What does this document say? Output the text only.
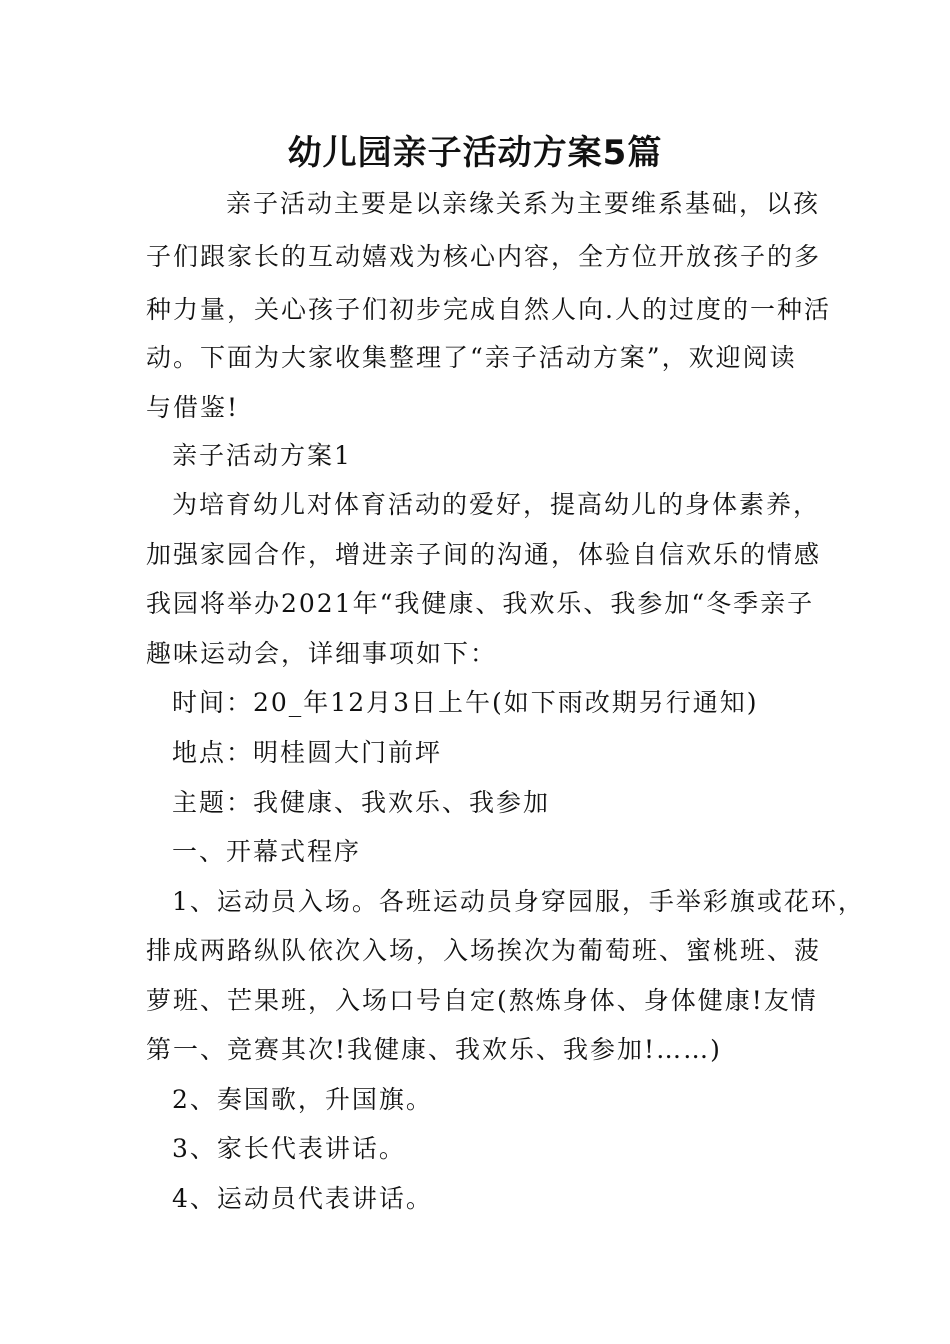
幼儿园亲子活动方案5篇

亲子活动主要是以亲缘关系为主要维系基础，以孩

子们跟家长的互动嬉戏为核心内容，全方位开放孩子的多

种力量，关心孩子们初步完成自然人向.人的过度的一种活

动。下面为大家收集整理了“亲子活动方案”，欢迎阅读

与借鉴!

亲子活动方案1

为培育幼儿对体育活动的爱好，提高幼儿的身体素养，

加强家园合作，增进亲子间的沟通，体验自信欢乐的情感

我园将举办2021年“我健康、我欢乐、我参加“冬季亲子

趣味运动会，详细事项如下：

时间：20_年12月3日上午(如下雨改期另行通知)

地点：明桂圆大门前坪

主题：我健康、我欢乐、我参加

一、开幕式程序

1、运动员入场。各班运动员身穿园服，手举彩旗或花环，

排成两路纵队依次入场，入场挨次为葡萄班、蜜桃班、菠

萝班、芒果班，入场口号自定(熬炼身体、身体健康!友情

第一、竞赛其次!我健康、我欢乐、我参加!……)

2、奏国歌，升国旗。

3、家长代表讲话。

4、运动员代表讲话。
